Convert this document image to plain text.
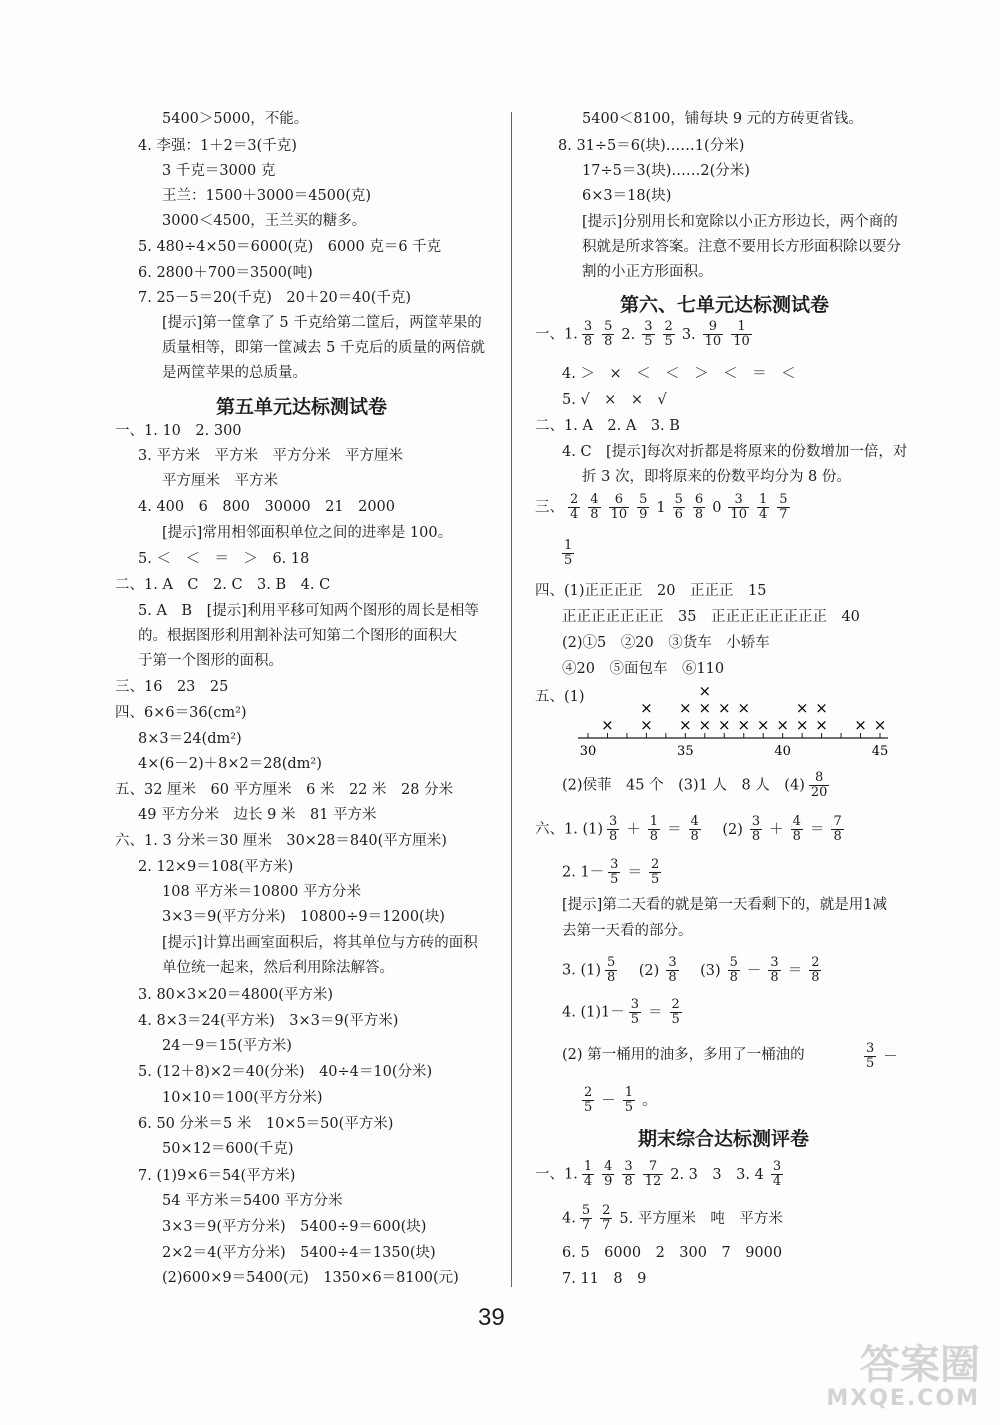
5400＞5000，不能。
4. 李强：1＋2＝3(千克)
3 千克＝3000 克
王兰：1500＋3000＝4500(克)
3000＜4500，王兰买的糖多。
5. 480÷4×50＝6000(克)　6000 克＝6 千克
6. 2800＋700＝3500(吨)
7. 25－5＝20(千克)　20＋20＝40(千克)
[提示]第一筐拿了 5 千克给第二筐后，两筐苹果的
质量相等，即第一筐减去 5 千克后的质量的两倍就
是两筐苹果的总质量。
一、1. 10　2. 300
3. 平方米　平方米　平方分米　平方厘米
平方厘米　平方米
4. 400　6　800　30000　21　2000
[提示]常用相邻面积单位之间的进率是 100。
5. ＜　＜　＝　＞　6. 18
二、1. A　C　2. C　3. B　4. C
5. A　B　[提示]利用平移可知两个图形的周长是相等
的。根据图形利用割补法可知第二个图形的面积大
于第一个图形的面积。
三、16　23　25
四、6×6＝36(cm²)
8×3＝24(dm²)
4×(6－2)＋8×2＝28(dm²)
五、32 厘米　60 平方厘米　6 米　22 米　28 分米
49 平方分米　边长 9 米　81 平方米
六、1. 3 分米＝30 厘米　30×28＝840(平方厘米)
2. 12×9＝108(平方米)
108 平方米＝10800 平方分米
3×3＝9(平方分米)　10800÷9＝1200(块)
[提示]计算出画室面积后，将其单位与方砖的面积
单位统一起来，然后利用除法解答。
3. 80×3×20＝4800(平方米)
4. 8×3＝24(平方米)　3×3＝9(平方米)
24－9＝15(平方米)
5. (12＋8)×2＝40(分米)　40÷4＝10(分米)
10×10＝100(平方分米)
6. 50 分米＝5 米　10×5＝50(平方米)
50×12＝600(千克)
7. (1)9×6＝54(平方米)
54 平方米＝5400 平方分米
3×3＝9(平方分米)　5400÷9＝600(块)
2×2＝4(平方分米)　5400÷4＝1350(块)
(2)600×9＝5400(元)　1350×6＝8100(元)
第五单元达标测试卷
5400＜8100，铺每块 9 元的方砖更省钱。
8. 31÷5＝6(块)……1(分米)
17÷5＝3(块)……2(分米)
6×3＝18(块)
[提示]分别用长和宽除以小正方形边长，两个商的
积就是所求答案。注意不要用长方形面积除以要分
割的小正方形面积。
4. ＞　×　＜　＜　＞　＜　＝　＜
5. √　×　×　√
二、1. A　2. A　3. B
4. C　[提示]每次对折都是将原来的份数增加一倍，对
折 3 次，即将原来的份数平均分为 8 份。
四、(1)正正正正　20　正正正　15
正正正正正正正　35　正正正正正正正正　40
(2)①5　②20　③货车　小轿车
④20　⑤面包车　⑥110
五、(1)
[提示]第二天看的就是第一天看剩下的，就是用1减
去第一天看的部分。
(2) 第一桶用的油多，多用了一桶油的
6. 5　6000　2　300　7　9000
7. 11　8　9
第六、七单元达标测试卷
期末综合达标测评卷
一、1. $\frac{3}{8} \frac{5}{8} 2$. $\frac{3}{5} \frac{2}{5} 3$. $\frac{9}{10} \frac{1}{10}$
三、 $\frac{2}{4} \frac{4}{8} \frac{6}{10} \frac{5}{9} 1 \frac{5}{6} \frac{6}{8} 0 \frac{3}{10} \frac{1}{4} \frac{5}{7}$
$\frac{1}{5}$
(2)侯菲　45 个　(3)1 人　8 人　$(4) \frac{8}{20}$
六、1. $(1) \frac{3}{8} + \frac{1}{8} = \frac{4}{8}$ 　$(2) \frac{3}{8} + \frac{4}{8} = \frac{7}{8}$
2. $1- \frac{3}{5} = \frac{2}{5}$
3. $(1) \frac{5}{8}$ 　$(2) \frac{3}{8}$ 　$(3) \frac{5}{8} - \frac{3}{8} = \frac{2}{8}$
4. $(1)1- \frac{3}{5} = \frac{2}{5}$
$\frac{3}{5}$ －
$\frac{2}{5} - \frac{1}{5}$ 。
一、1. $\frac{1}{4} \frac{4}{9} \frac{3}{8} \frac{7}{12} 2$. 3　3　3. $4 \frac{3}{4}$
4. $\frac{5}{7} \frac{2}{7} 5$. 平方厘米　吨　平方米
30	35	40	45
× ×
×
×
×
×
×
×
×
×
×
×
× × ×
×
×
×
× ×
39
答案圈
MXQE.COM
